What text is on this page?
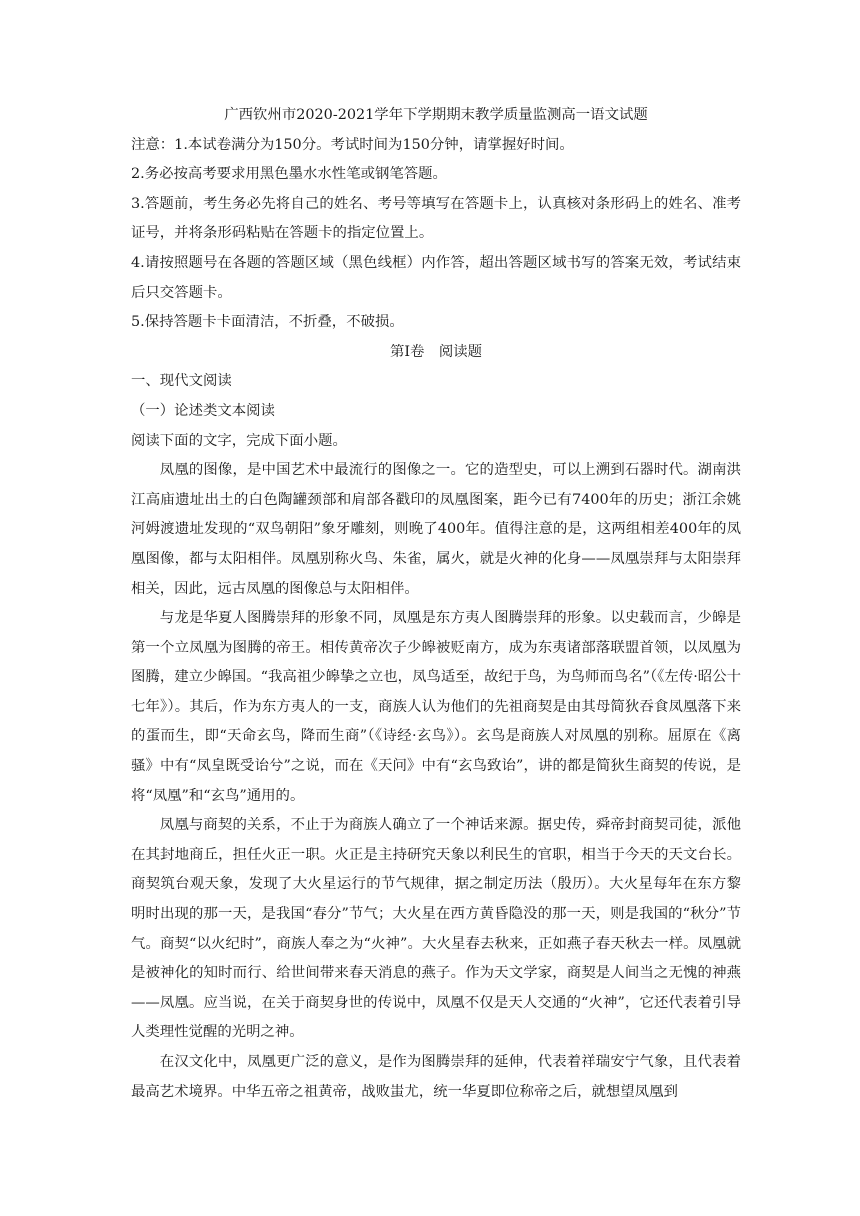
广西钦州市2020-2021学年下学期期末教学质量监测高一语文试题

注意：1.本试卷满分为150分。考试时间为150分钟，请掌握好时间。

2.务必按高考要求用黑色墨水水性笔或钢笔答题。

3.答题前，考生务必先将自己的姓名、考号等填写在答题卡上，认真核对条形码上的姓名、准考证号，并将条形码粘贴在答题卡的指定位置上。

4.请按照题号在各题的答题区域（黑色线框）内作答，超出答题区域书写的答案无效，考试结束后只交答题卡。

5.保持答题卡卡面清洁，不折叠，不破损。

第Ⅰ卷　阅读题

一、现代文阅读

（一）论述类文本阅读

阅读下面的文字，完成下面小题。

凤凰的图像，是中国艺术中最流行的图像之一。它的造型史，可以上溯到石器时代。湖南洪江高庙遗址出土的白色陶罐颈部和肩部各戳印的凤凰图案，距今已有7400年的历史；浙江余姚河姆渡遗址发现的“双鸟朝阳”象牙雕刻，则晚了400年。值得注意的是，这两组相差400年的凤凰图像，都与太阳相伴。凤凰别称火鸟、朱雀，属火，就是火神的化身——凤凰崇拜与太阳崇拜相关，因此，远古凤凰的图像总与太阳相伴。

与龙是华夏人图腾崇拜的形象不同，凤凰是东方夷人图腾崇拜的形象。以史载而言，少皞是第一个立凤凰为图腾的帝王。相传黄帝次子少皞被贬南方，成为东夷诸部落联盟首领，以凤凰为图腾，建立少皞国。“我高祖少皞挚之立也，凤鸟适至，故纪于鸟，为鸟师而鸟名”（《左传·昭公十七年》）。其后，作为东方夷人的一支，商族人认为他们的先祖商契是由其母简狄吞食凤凰落下来的蛋而生，即“天命玄鸟，降而生商”（《诗经·玄鸟》）。玄鸟是商族人对凤凰的别称。屈原在《离骚》中有“凤皇既受诒兮”之说，而在《天问》中有“玄鸟致诒”，讲的都是简狄生商契的传说，是将“凤凰”和“玄鸟”通用的。

凤凰与商契的关系，不止于为商族人确立了一个神话来源。据史传，舜帝封商契司徒，派他在其封地商丘，担任火正一职。火正是主持研究天象以利民生的官职，相当于今天的天文台长。商契筑台观天象，发现了大火星运行的节气规律，据之制定历法（殷历）。大火星每年在东方黎明时出现的那一天，是我国“春分”节气；大火星在西方黄昏隐没的那一天，则是我国的“秋分”节气。商契“以火纪时”，商族人奉之为“火神”。大火星春去秋来，正如燕子春天秋去一样。凤凰就是被神化的知时而行、给世间带来春天消息的燕子。作为天文学家，商契是人间当之无愧的神燕——凤凰。应当说，在关于商契身世的传说中，凤凰不仅是天人交通的“火神”，它还代表着引导人类理性觉醒的光明之神。

在汉文化中，凤凰更广泛的意义，是作为图腾崇拜的延伸，代表着祥瑞安宁气象，且代表着最高艺术境界。中华五帝之祖黄帝，战败蚩尤，统一华夏即位称帝之后，就想望凤凰到
